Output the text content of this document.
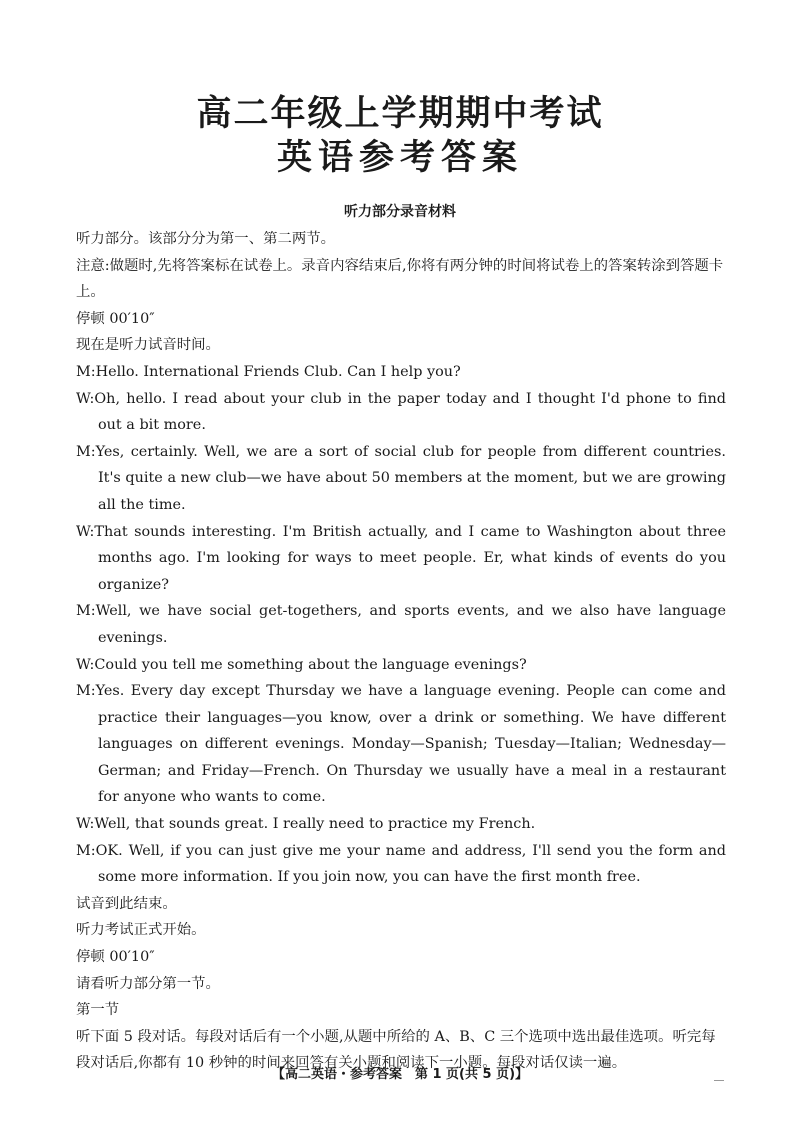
高二年级上学期期中考试
英语参考答案
听力部分录音材料

听力部分。该部分分为第一、第二两节。

注意:做题时,先将答案标在试卷上。录音内容结束后,你将有两分钟的时间将试卷上的答案转涂到答题卡上。

停顿 00′10″

现在是听力试音时间。

M:Hello. International Friends Club. Can I help you?

W:Oh, hello. I read about your club in the paper today and I thought I'd phone to find out a bit more.

M:Yes, certainly. Well, we are a sort of social club for people from different countries. It's quite a new club—we have about 50 members at the moment, but we are growing all the time.

W:That sounds interesting. I'm British actually, and I came to Washington about three months ago. I'm looking for ways to meet people. Er, what kinds of events do you organize?

M:Well, we have social get-togethers, and sports events, and we also have language evenings.

W:Could you tell me something about the language evenings?

M:Yes. Every day except Thursday we have a language evening. People can come and practice their languages—you know, over a drink or something. We have different languages on different evenings. Monday—Spanish; Tuesday—Italian; Wednesday—German; and Friday—French. On Thursday we usually have a meal in a restaurant for anyone who wants to come.

W:Well, that sounds great. I really need to practice my French.

M:OK. Well, if you can just give me your name and address, I'll send you the form and some more information. If you join now, you can have the first month free.

试音到此结束。

听力考试正式开始。

停顿 00′10″

请看听力部分第一节。

第一节

听下面 5 段对话。每段对话后有一个小题,从题中所给的 A、B、C 三个选项中选出最佳选项。听完每段对话后,你都有 10 秒钟的时间来回答有关小题和阅读下一小题。每段对话仅读一遍。

【高二英语・参考答案　第 1 页(共 5 页)】
